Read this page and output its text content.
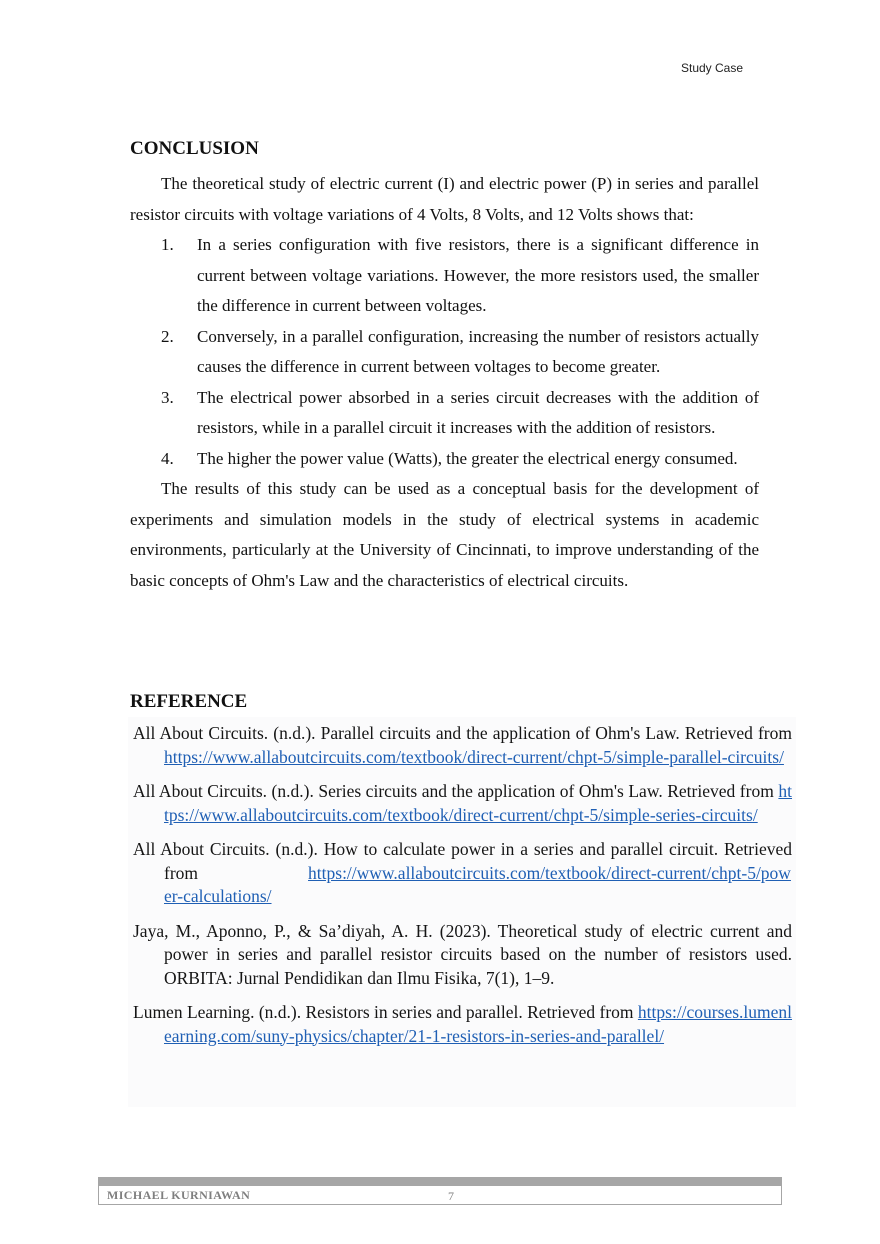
Study Case
CONCLUSION

The theoretical study of electric current (I) and electric power (P) in series and parallel resistor circuits with voltage variations of 4 Volts, 8 Volts, and 12 Volts shows that:

1. In a series configuration with five resistors, there is a significant difference in current between voltage variations. However, the more resistors used, the smaller the difference in current between voltages.
2. Conversely, in a parallel configuration, increasing the number of resistors actually causes the difference in current between voltages to become greater.
3. The electrical power absorbed in a series circuit decreases with the addition of resistors, while in a parallel circuit it increases with the addition of resistors.
4. The higher the power value (Watts), the greater the electrical energy consumed.

The results of this study can be used as a conceptual basis for the development of experiments and simulation models in the study of electrical systems in academic environments, particularly at the University of Cincinnati, to improve understanding of the basic concepts of Ohm's Law and the characteristics of electrical circuits.

REFERENCE

All About Circuits. (n.d.). Parallel circuits and the application of Ohm's Law. Retrieved from https://www.allaboutcircuits.com/textbook/direct-current/chpt-5/simple-parallel-circuits/

All About Circuits. (n.d.). Series circuits and the application of Ohm's Law. Retrieved from https://www.allaboutcircuits.com/textbook/direct-current/chpt-5/simple-series-circuits/

All About Circuits. (n.d.). How to calculate power in a series and parallel circuit. Retrieved from	https://www.allaboutcircuits.com/textbook/direct-current/chpt-5/power-calculations/

Jaya, M., Aponno, P., & Sa’diyah, A. H. (2023). Theoretical study of electric current and power in series and parallel resistor circuits based on the number of resistors used. ORBITA: Jurnal Pendidikan dan Ilmu Fisika, 7(1), 1–9.

Lumen Learning. (n.d.). Resistors in series and parallel. Retrieved from https://courses.lumenlearning.com/suny-physics/chapter/21-1-resistors-in-series-and-parallel/

MICHAEL KURNIAWAN	7
